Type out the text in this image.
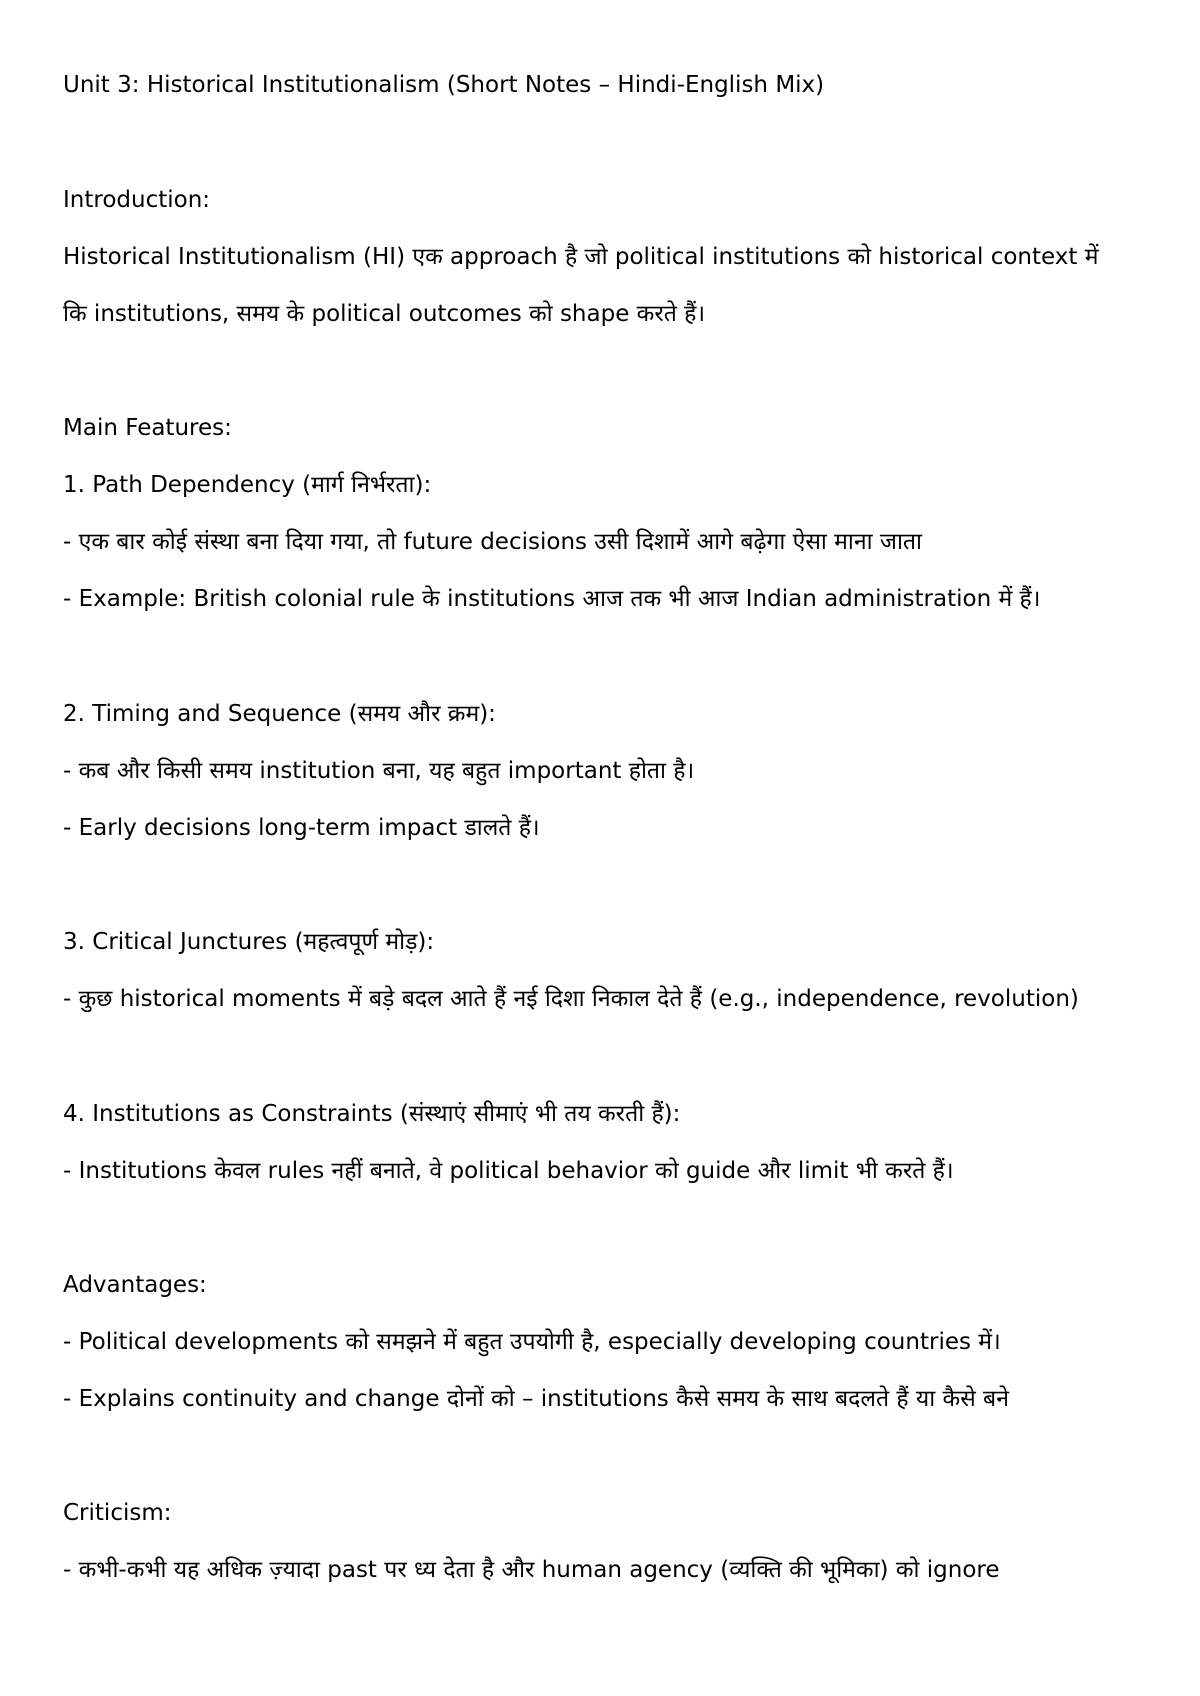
Unit 3: Historical Institutionalism (Short Notes – Hindi-English Mix)
Introduction:
Historical Institutionalism (HI) एक approach है जो political institutions को historical context में
कि institutions, समय के political outcomes को shape करते हैं।
Main Features:
1. Path Dependency (मार्ग निर्भरता):
- एक बार कोई संस्था बना दिया गया, तो future decisions उसी दिशामें आगे बढ़ेगा ऐसा माना जाता
- Example: British colonial rule के institutions आज तक भी आज Indian administration में हैं।
2. Timing and Sequence (समय और क्रम):
- कब और किसी समय institution बना, यह बहुत important होता है।
- Early decisions long-term impact डालते हैं।
3. Critical Junctures (महत्वपूर्ण मोड़):
- कुछ historical moments में बड़े बदल आते हैं नई दिशा निकाल देते हैं (e.g., independence, revolution)
4. Institutions as Constraints (संस्थाएं सीमाएं भी तय करती हैं):
- Institutions केवल rules नहीं बनाते, वे political behavior को guide और limit भी करते हैं।
Advantages:
- Political developments को समझने में बहुत उपयोगी है, especially developing countries में।
- Explains continuity and change दोनों को – institutions कैसे समय के साथ बदलते हैं या कैसे बने
Criticism:
- कभी-कभी यह अधिक ज़्यादा past पर ध्य देता है और human agency (व्यक्ति की भूमिका) को ignore
